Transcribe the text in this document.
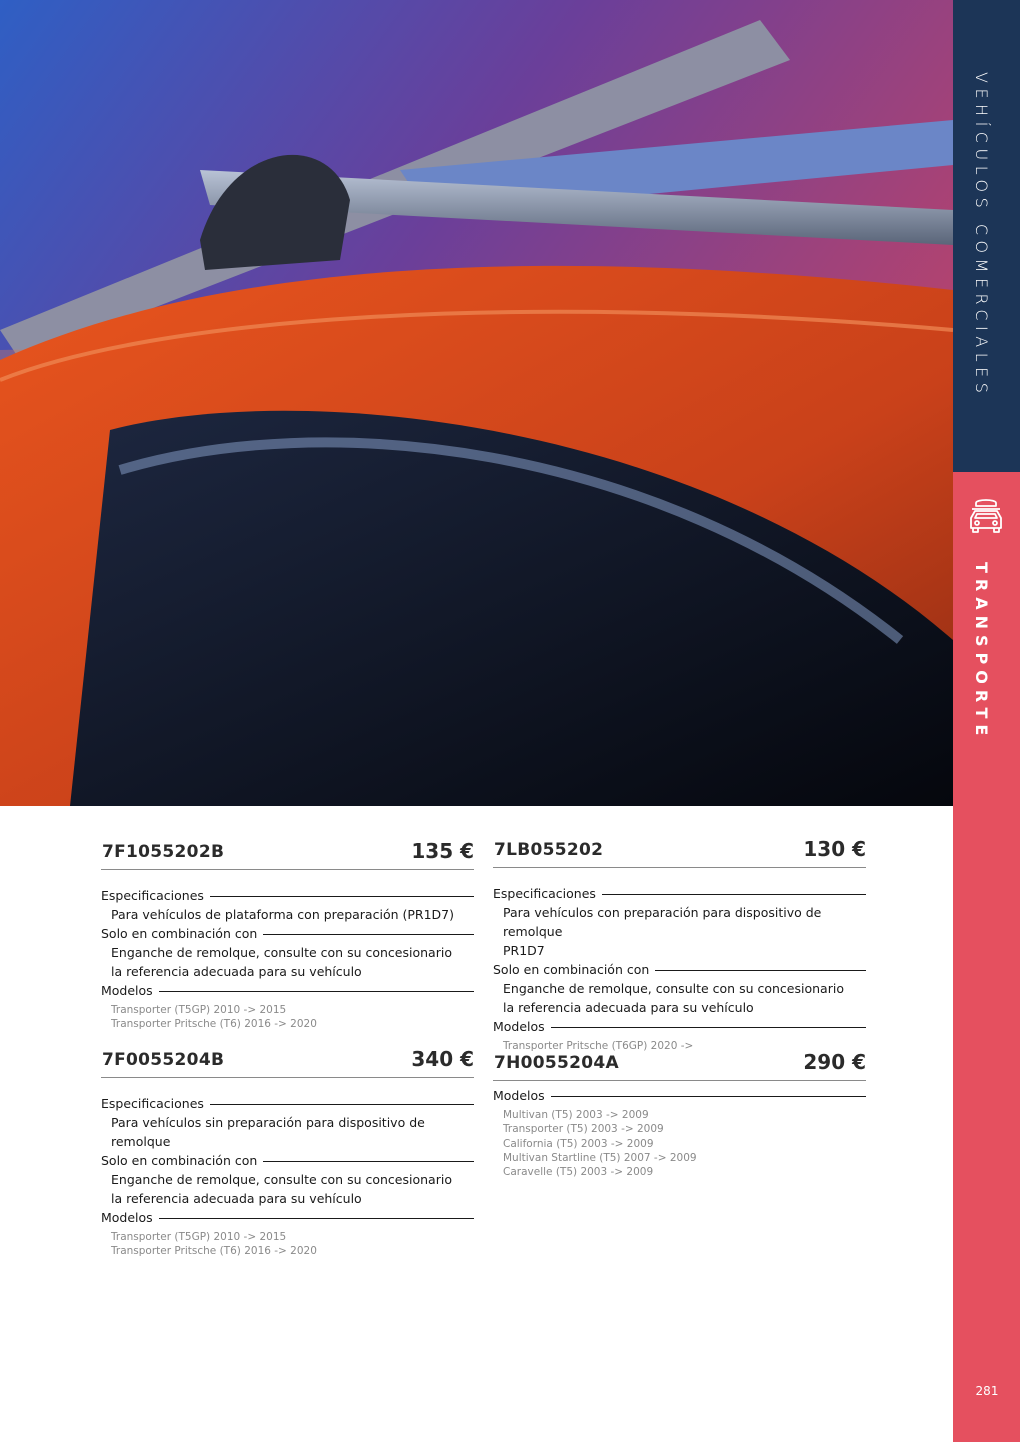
VEHÍCULOS COMERCIALES
TRANSPORTE
281
7F1055202B	135 €
Especificaciones
Para vehículos de plataforma con preparación (PR1D7)
Solo en combinación con
Enganche de remolque, consulte con su concesionario
la referencia adecuada para su vehículo
Modelos
Transporter (T5GP) 2010 -> 2015
Transporter Pritsche (T6) 2016 -> 2020
7F0055204B	340 €
Especificaciones
Para vehículos sin preparación para dispositivo de remolque
Solo en combinación con
Enganche de remolque, consulte con su concesionario
la referencia adecuada para su vehículo
Modelos
Transporter (T5GP) 2010 -> 2015
Transporter Pritsche (T6) 2016 -> 2020
7LB055202	130 €
Especificaciones
Para vehículos con preparación para dispositivo de remolque
PR1D7
Solo en combinación con
Enganche de remolque, consulte con su concesionario
la referencia adecuada para su vehículo
Modelos
Transporter Pritsche (T6GP) 2020 ->
7H0055204A	290 €
Modelos
Multivan (T5) 2003 -> 2009
Transporter (T5) 2003 -> 2009
California (T5) 2003 -> 2009
Multivan Startline (T5) 2007 -> 2009
Caravelle (T5) 2003 -> 2009
